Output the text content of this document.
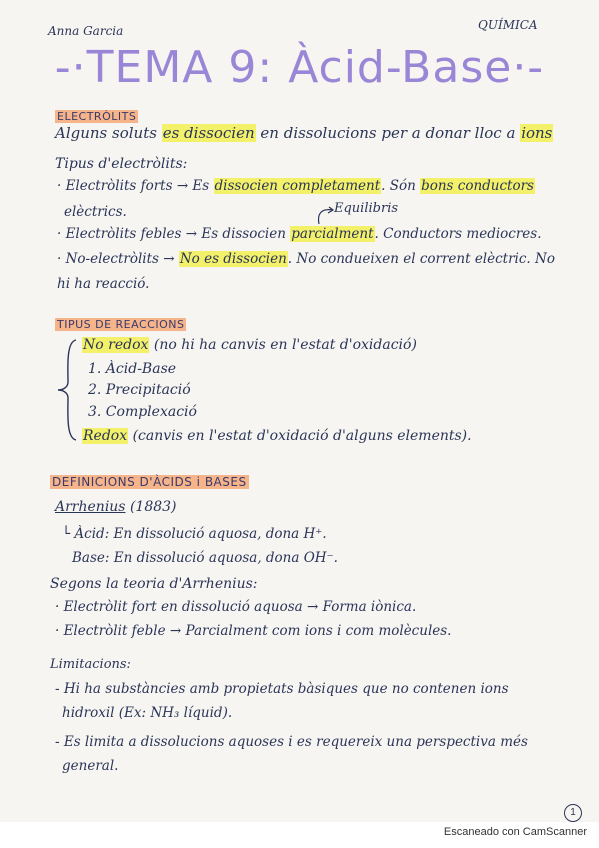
Anna Garcia	QUÍMICA
-·TEMA 9: Àcid-Base·-
ELECTRÒLITS
Alguns soluts es dissocien en dissolucions per a donar lloc a ions
Tipus d'electròlits:
· Electròlits forts → Es dissocien completament. Són bons conductors
elèctrics.	Equilibris
· Electròlits febles → Es dissocien parcialment. Conductors mediocres.
· No-electròlits → No es dissocien. No condueixen el corrent elèctric. No
hi ha reacció.
TIPUS DE REACCIONS
No redox (no hi ha canvis en l'estat d'oxidació)
1. Àcid-Base
2. Precipitació
3. Complexació
Redox (canvis en l'estat d'oxidació d'alguns elements).
DEFINICIONS D'ÀCIDS i BASES
Arrhenius (1883)
└ Àcid: En dissolució aquosa, dona H⁺.
Base: En dissolució aquosa, dona OH⁻.
Segons la teoria d'Arrhenius:
· Electròlit fort en dissolució aquosa → Forma iònica.
· Electròlit feble → Parcialment com ions i com molècules.
Limitacions:
- Hi ha substàncies amb propietats bàsiques que no contenen ions
hidroxil (Ex: NH₃ líquid).
- Es limita a dissolucions aquoses i es requereix una perspectiva més
general.
1
Escaneado con CamScanner
